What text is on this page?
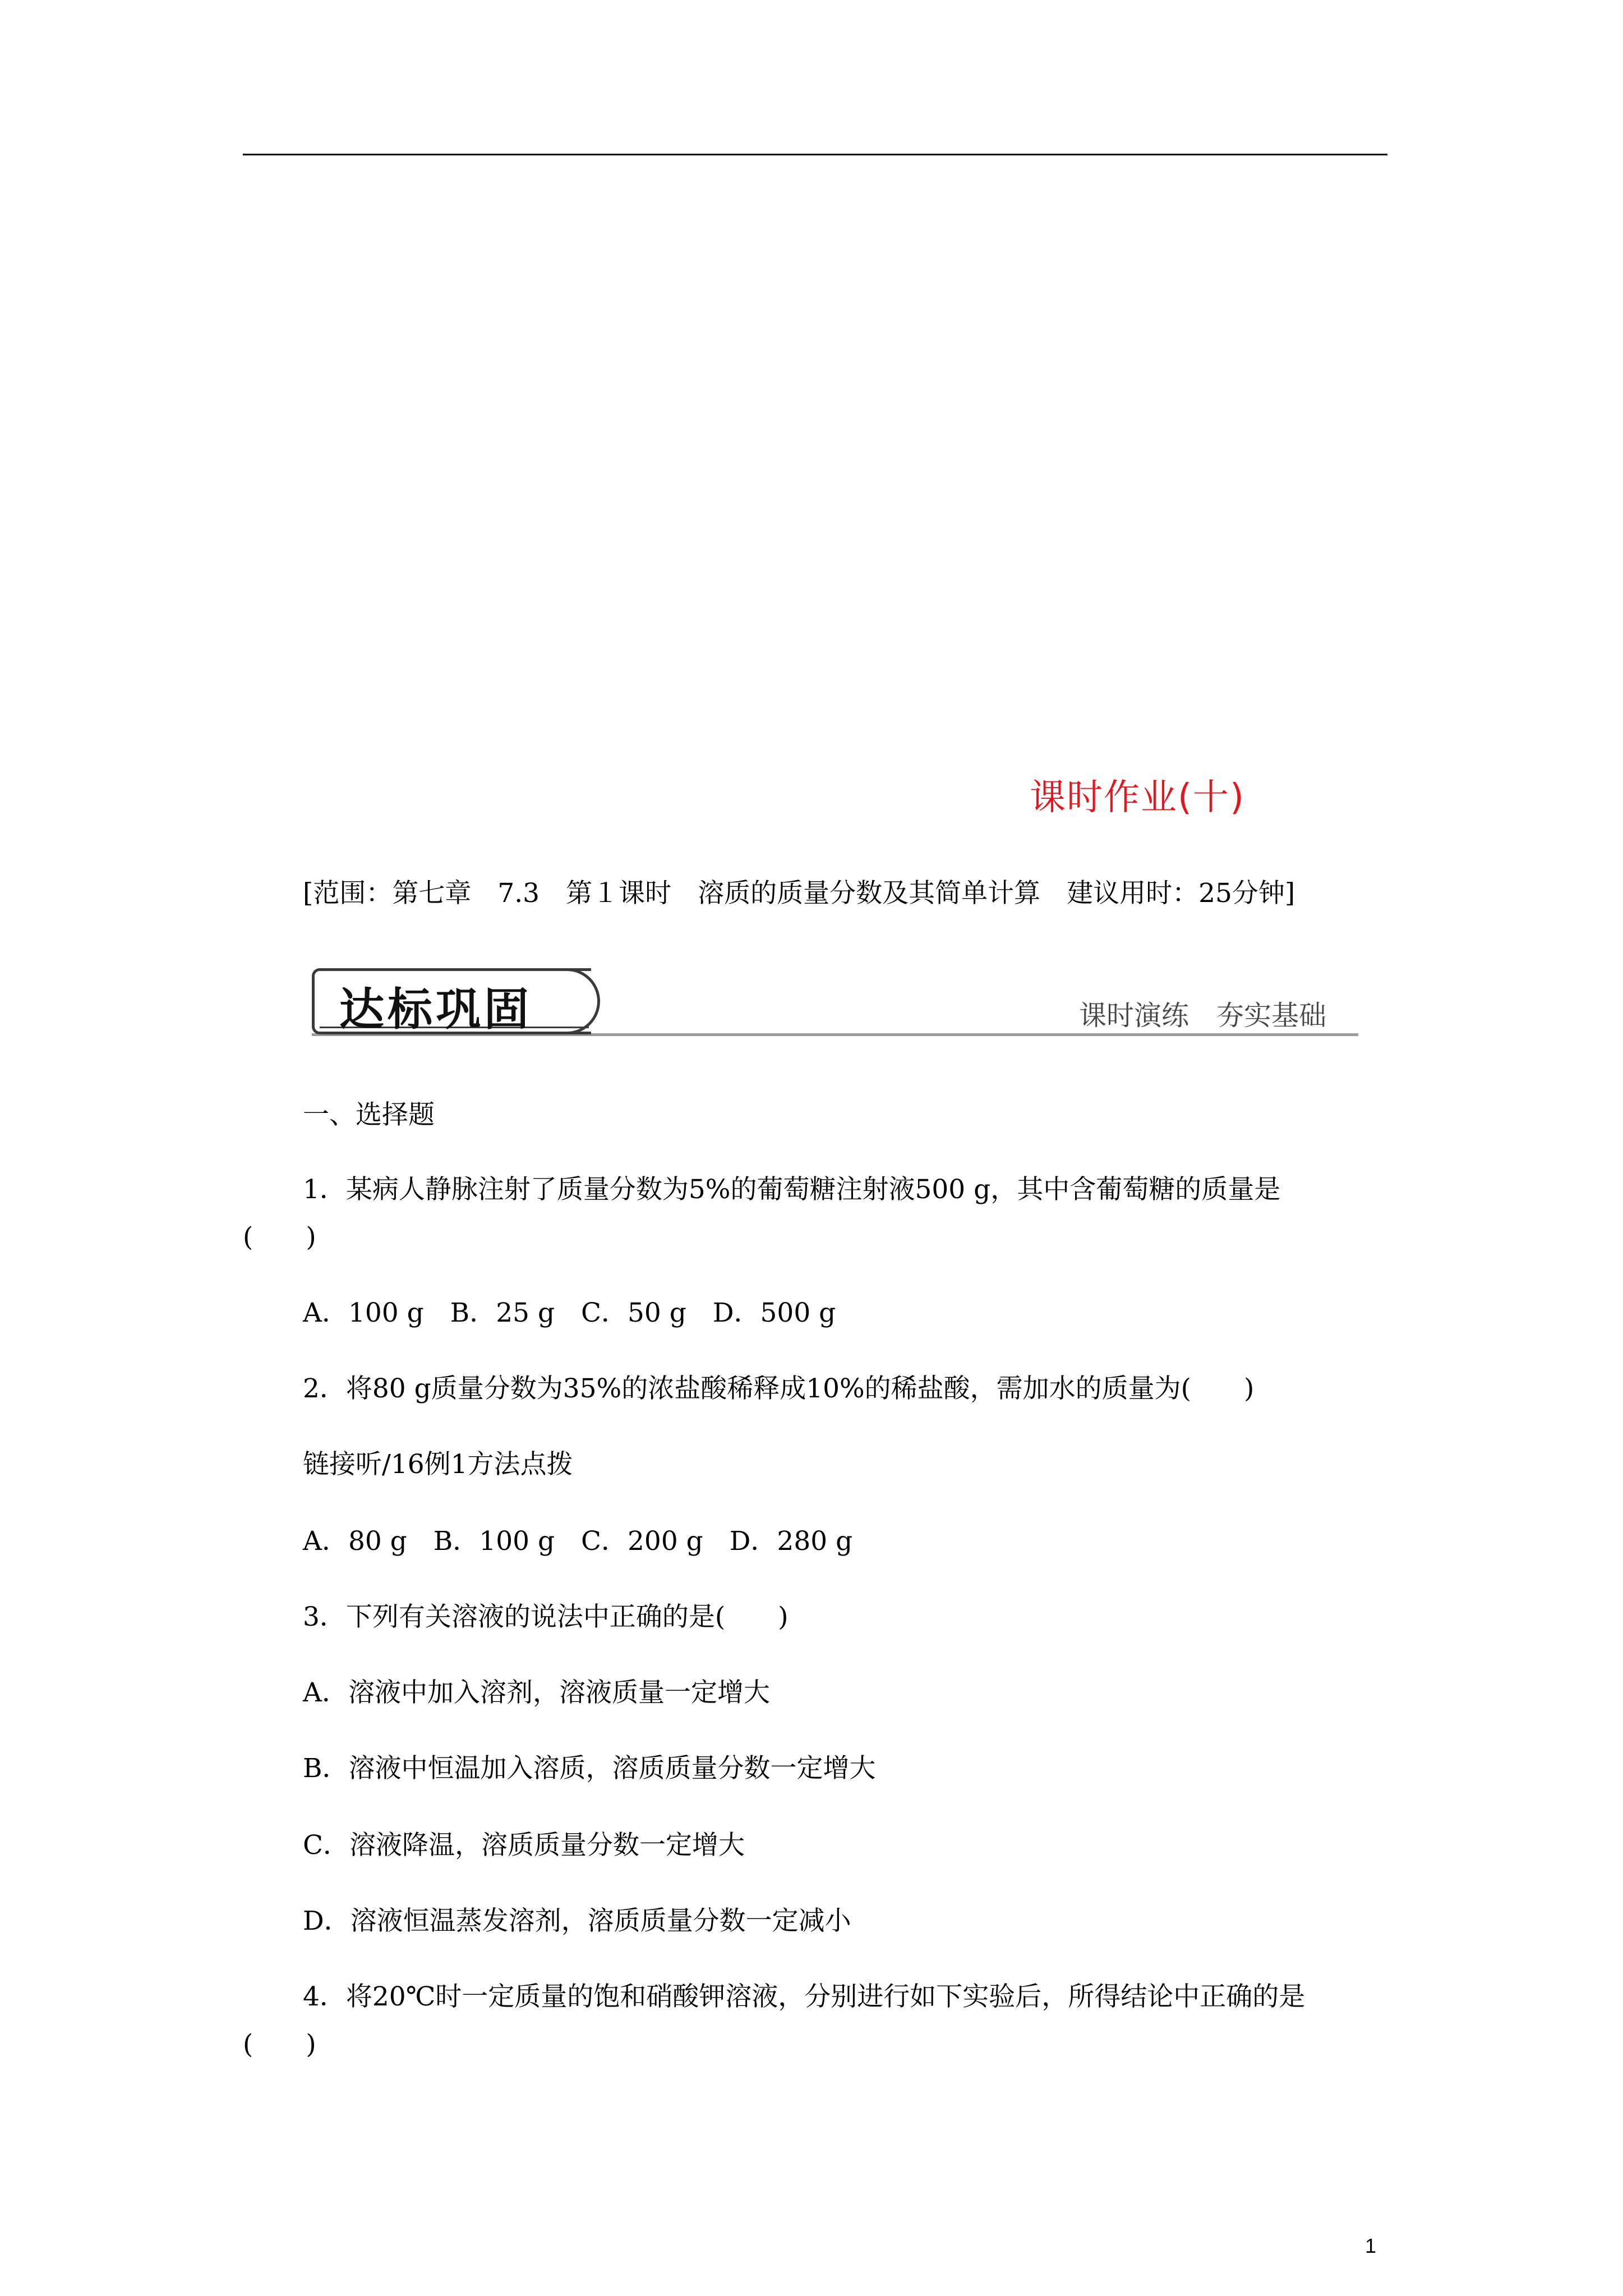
课时作业(十)
[范围：第七章　7.3　第１课时　溶质的质量分数及其简单计算　建议用时：25分钟]
达标巩固	课时演练　夯实基础
一、选择题
1．某病人静脉注射了质量分数为5%的葡萄糖注射液500 g，其中含葡萄糖的质量是
(　　)
A．100 g　B．25 g　C．50 g　D．500 g
2．将80 g质量分数为35%的浓盐酸稀释成10%的稀盐酸，需加水的质量为(　　)
链接听/16例1方法点拨
A．80 g　B．100 g　C．200 g　D．280 g
3．下列有关溶液的说法中正确的是(　　)
A．溶液中加入溶剂，溶液质量一定增大
B．溶液中恒温加入溶质，溶质质量分数一定增大
C．溶液降温，溶质质量分数一定增大
D．溶液恒温蒸发溶剂，溶质质量分数一定减小
4．将20℃时一定质量的饱和硝酸钾溶液，分别进行如下实验后，所得结论中正确的是
(　　)
1
